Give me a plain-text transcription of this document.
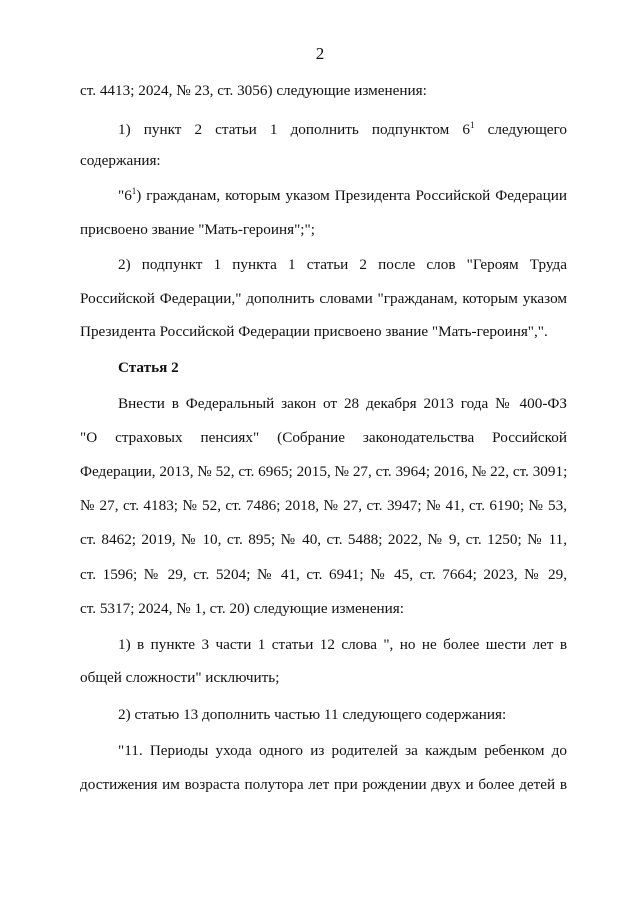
2
ст. 4413; 2024, № 23, ст. 3056) следующие изменения:
1) пункт 2 статьи 1 дополнить подпунктом $6^1$ следующего
содержания:
"$6^1$) гражданам, которым указом Президента Российской Федерации
присвоено звание "Мать-героиня";";
2) подпункт 1 пункта 1 статьи 2 после слов "Героям Труда
Российской Федерации," дополнить словами "гражданам, которым указом
Президента Российской Федерации присвоено звание "Мать-героиня",".
Статья 2
Внести в Федеральный закон от 28 декабря 2013 года № 400-ФЗ
"О страховых пенсиях" (Собрание законодательства Российской
Федерации, 2013, № 52, ст. 6965; 2015, № 27, ст. 3964; 2016, № 22, ст. 3091;
№ 27, ст. 4183; № 52, ст. 7486; 2018, № 27, ст. 3947; № 41, ст. 6190; № 53,
ст. 8462; 2019, № 10, ст. 895; № 40, ст. 5488; 2022, № 9, ст. 1250; № 11,
ст. 1596; № 29, ст. 5204; № 41, ст. 6941; № 45, ст. 7664; 2023, № 29,
ст. 5317; 2024, № 1, ст. 20) следующие изменения:
1) в пункте 3 части 1 статьи 12 слова ", но не более шести лет в
общей сложности" исключить;
2) статью 13 дополнить частью 11 следующего содержания:
"11. Периоды ухода одного из родителей за каждым ребенком до
достижения им возраста полутора лет при рождении двух и более детей в
